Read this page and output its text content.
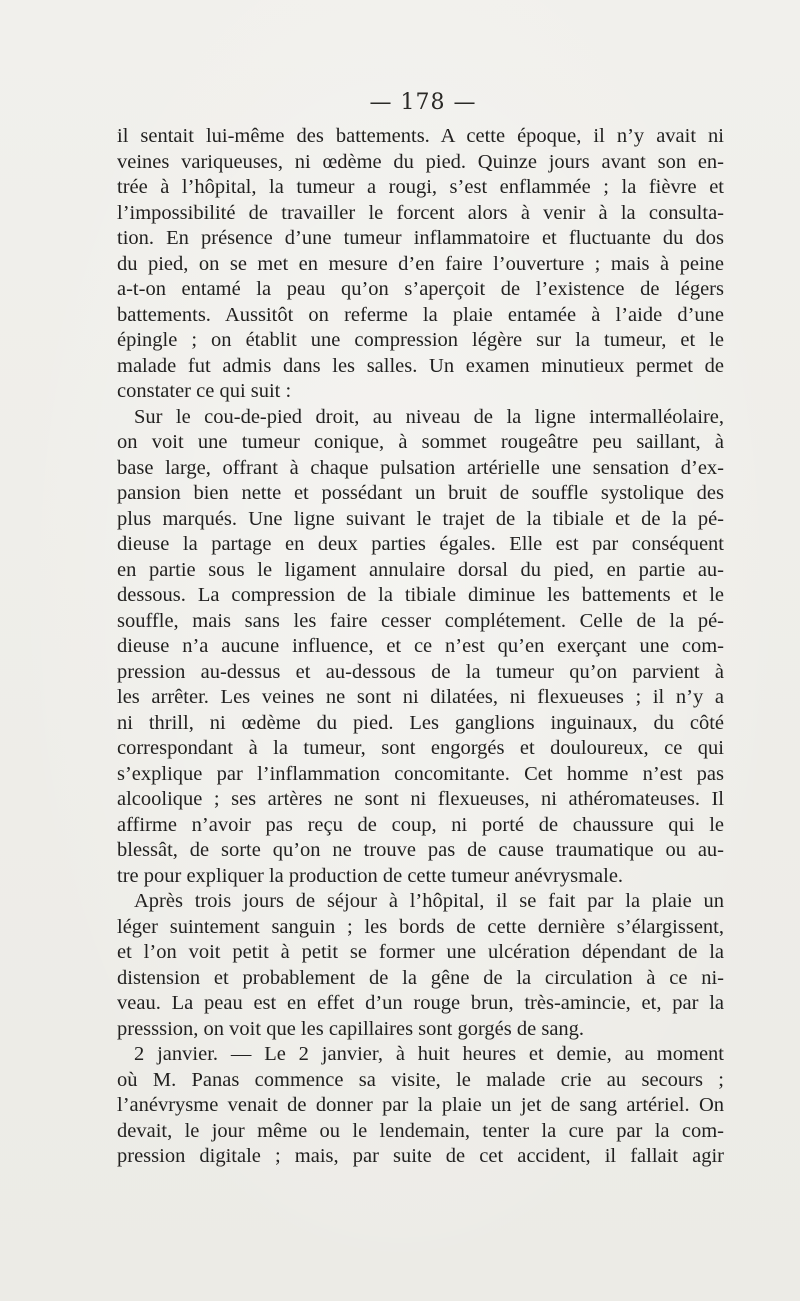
— 178 —
il sentait lui-même des battements. A cette époque, il n’y avait ni
veines variqueuses, ni œdème du pied. Quinze jours avant son en-
trée à l’hôpital, la tumeur a rougi, s’est enflammée ; la fièvre et
l’impossibilité de travailler le forcent alors à venir à la consulta-
tion. En présence d’une tumeur inflammatoire et fluctuante du dos
du pied, on se met en mesure d’en faire l’ouverture ; mais à peine
a-t-on entamé la peau qu’on s’aperçoit de l’existence de légers
battements. Aussitôt on referme la plaie entamée à l’aide d’une
épingle ; on établit une compression légère sur la tumeur, et le
malade fut admis dans les salles. Un examen minutieux permet de
constater ce qui suit :
Sur le cou-de-pied droit, au niveau de la ligne intermalléolaire,
on voit une tumeur conique, à sommet rougeâtre peu saillant, à
base large, offrant à chaque pulsation artérielle une sensation d’ex-
pansion bien nette et possédant un bruit de souffle systolique des
plus marqués. Une ligne suivant le trajet de la tibiale et de la pé-
dieuse la partage en deux parties égales. Elle est par conséquent
en partie sous le ligament annulaire dorsal du pied, en partie au-
dessous. La compression de la tibiale diminue les battements et le
souffle, mais sans les faire cesser complétement. Celle de la pé-
dieuse n’a aucune influence, et ce n’est qu’en exerçant une com-
pression au-dessus et au-dessous de la tumeur qu’on parvient à
les arrêter. Les veines ne sont ni dilatées, ni flexueuses ; il n’y a
ni thrill, ni œdème du pied. Les ganglions inguinaux, du côté
correspondant à la tumeur, sont engorgés et douloureux, ce qui
s’explique par l’inflammation concomitante. Cet homme n’est pas
alcoolique ; ses artères ne sont ni flexueuses, ni athéromateuses. Il
affirme n’avoir pas reçu de coup, ni porté de chaussure qui le
blessât, de sorte qu’on ne trouve pas de cause traumatique ou au-
tre pour expliquer la production de cette tumeur anévrysmale.
Après trois jours de séjour à l’hôpital, il se fait par la plaie un
léger suintement sanguin ; les bords de cette dernière s’élargissent,
et l’on voit petit à petit se former une ulcération dépendant de la
distension et probablement de la gêne de la circulation à ce ni-
veau. La peau est en effet d’un rouge brun, très-amincie, et, par la
presssion, on voit que les capillaires sont gorgés de sang.
2 janvier. — Le 2 janvier, à huit heures et demie, au moment
où M. Panas commence sa visite, le malade crie au secours ;
l’anévrysme venait de donner par la plaie un jet de sang artériel. On
devait, le jour même ou le lendemain, tenter la cure par la com-
pression digitale ; mais, par suite de cet accident, il fallait agir
